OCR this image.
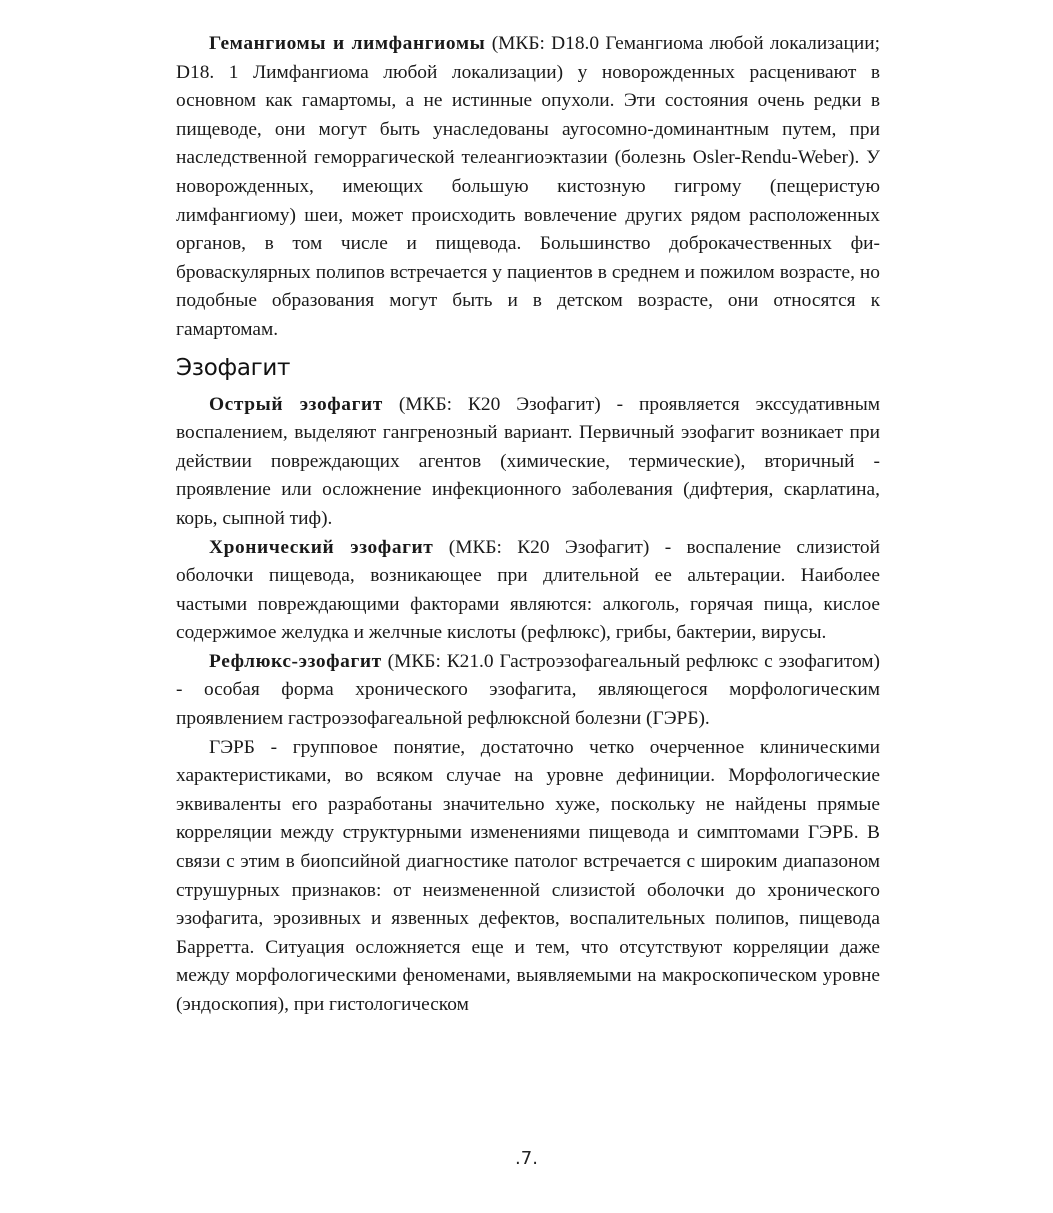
Гемангиомы и лимфангиомы (МКБ: D18.0 Гемангиома любой локализации; D18. 1 Лимфангиома любой локализации) у новорожденных расценивают в основном как гамартомы, а не истинные опухоли. Эти состояния очень редки в пищеводе, они могут быть унаследованы аугосомно-доминантным путем, при наследственной геморрагической телеангиоэктазии (болезнь Osler-Rendu-Weber). У новорожденных, имеющих большую кистозную гигрому (пещеристую лимфангиому) шеи, может происходить вовлечение других рядом расположенных органов, в том числе и пищевода. Большинство доброкачественных фиброваскулярных полипов встречается у пациентов в среднем и пожилом возрасте, но подобные образования могут быть и в детском возрасте, они относятся к гамартомам.

Эзофагит

Острый эзофагит (МКБ: К20 Эзофагит) - проявляется экссудативным воспалением, выделяют гангренозный вариант. Первичный эзофагит возникает при действии повреждающих агентов (химические, термические), вторичный - проявление или осложнение инфекционного заболевания (дифтерия, скарлатина, корь, сыпной тиф).

Хронический эзофагит (МКБ: К20 Эзофагит) - воспаление слизистой оболочки пищевода, возникающее при длительной ее альтерации. Наиболее частыми повреждающими факторами являются: алкоголь, горячая пища, кислое содержимое желудка и желчные кислоты (рефлюкс), грибы, бактерии, вирусы.

Рефлюкс-эзофагит (МКБ: К21.0 Гастроэзофагеальный рефлюкс с эзофагитом) - особая форма хронического эзофагита, являющегося морфологическим проявлением гастроэзофагеальной рефлюксной болезни (ГЭРБ).

ГЭРБ - групповое понятие, достаточно четко очерченное клиническими характеристиками, во всяком случае на уровне дефиниции. Морфологические эквиваленты его разработаны значительно хуже, поскольку не найдены прямые корреляции между структурными изменениями пищевода и симптомами ГЭРБ. В связи с этим в биопсийной диагностике патолог встречается с широким диапазоном струшурных признаков: от неизмененной слизистой оболочки до хронического эзофагита, эрозивных и язвенных дефектов, воспалительных полипов, пищевода Барретта. Ситуация осложняется еще и тем, что отсутствуют корреляции даже между морфологическими феноменами, выявляемыми на макроскопическом уровне (эндоскопия), при гистологическом

.7.
